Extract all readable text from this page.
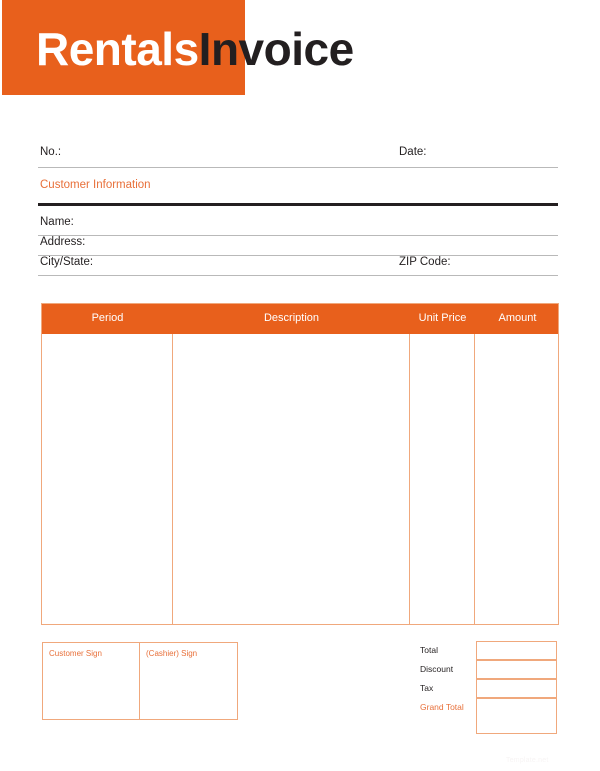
RentalsInvoice
No.:	Date:
Customer Information
Name:
Address:
City/State:	ZIP Code:
Period	Description	Unit Price	Amount
Customer Sign	(Cashier) Sign	Total
Discount
Tax
Grand Total
Template.net
